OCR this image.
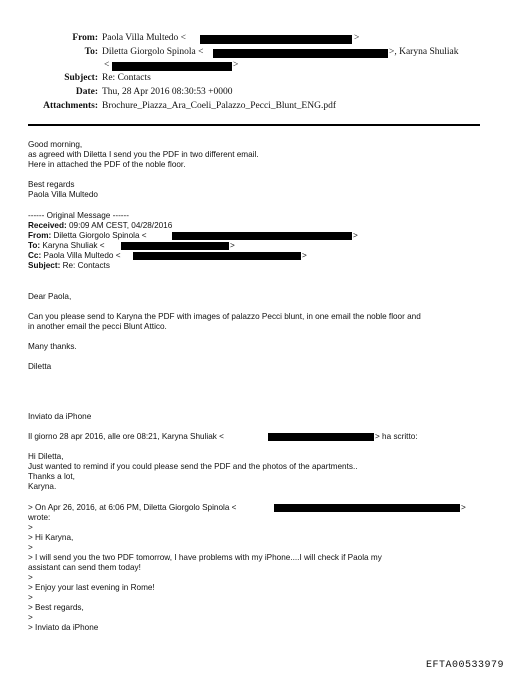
From: Paola Villa Multedo <	>
To: Diletta Giorgolo Spinola <	>, Karyna Shuliak
<	>
Subject: Re: Contacts
Date: Thu, 28 Apr 2016 08:30:53 +0000
Attachments: Brochure_Piazza_Ara_Coeli_Palazzo_Pecci_Blunt_ENG.pdf
Good morning,
as agreed with Diletta I send you the PDF in two different email.
Here in attached the PDF of the noble floor.
Best regards
Paola Villa Multedo
------ Original Message ------
Received: 09:09 AM CEST, 04/28/2016
From: Diletta Giorgolo Spinola <	>
To: Karyna Shuliak <	>
Cc: Paola Villa Multedo <	>
Subject: Re: Contacts
Dear Paola,
Can you please send to Karyna the PDF with images of palazzo Pecci blunt, in one email the noble floor and
in another email the pecci Blunt Attico.
Many thanks.
Diletta
Inviato da iPhone
Il giorno 28 apr 2016, alle ore 08:21, Karyna Shuliak <	> ha scritto:
Hi Diletta,
Just wanted to remind if you could please send the PDF and the photos of the apartments..
Thanks a lot,
Karyna.
> On Apr 26, 2016, at 6:06 PM, Diletta Giorgolo Spinola <	>
wrote:
>
> Hi Karyna,
>
> I will send you the two PDF tomorrow, I have problems with my iPhone....I will check if Paola my
assistant can send them today!
>
> Enjoy your last evening in Rome!
>
> Best regards,
>
> Inviato da iPhone
EFTA00533979
